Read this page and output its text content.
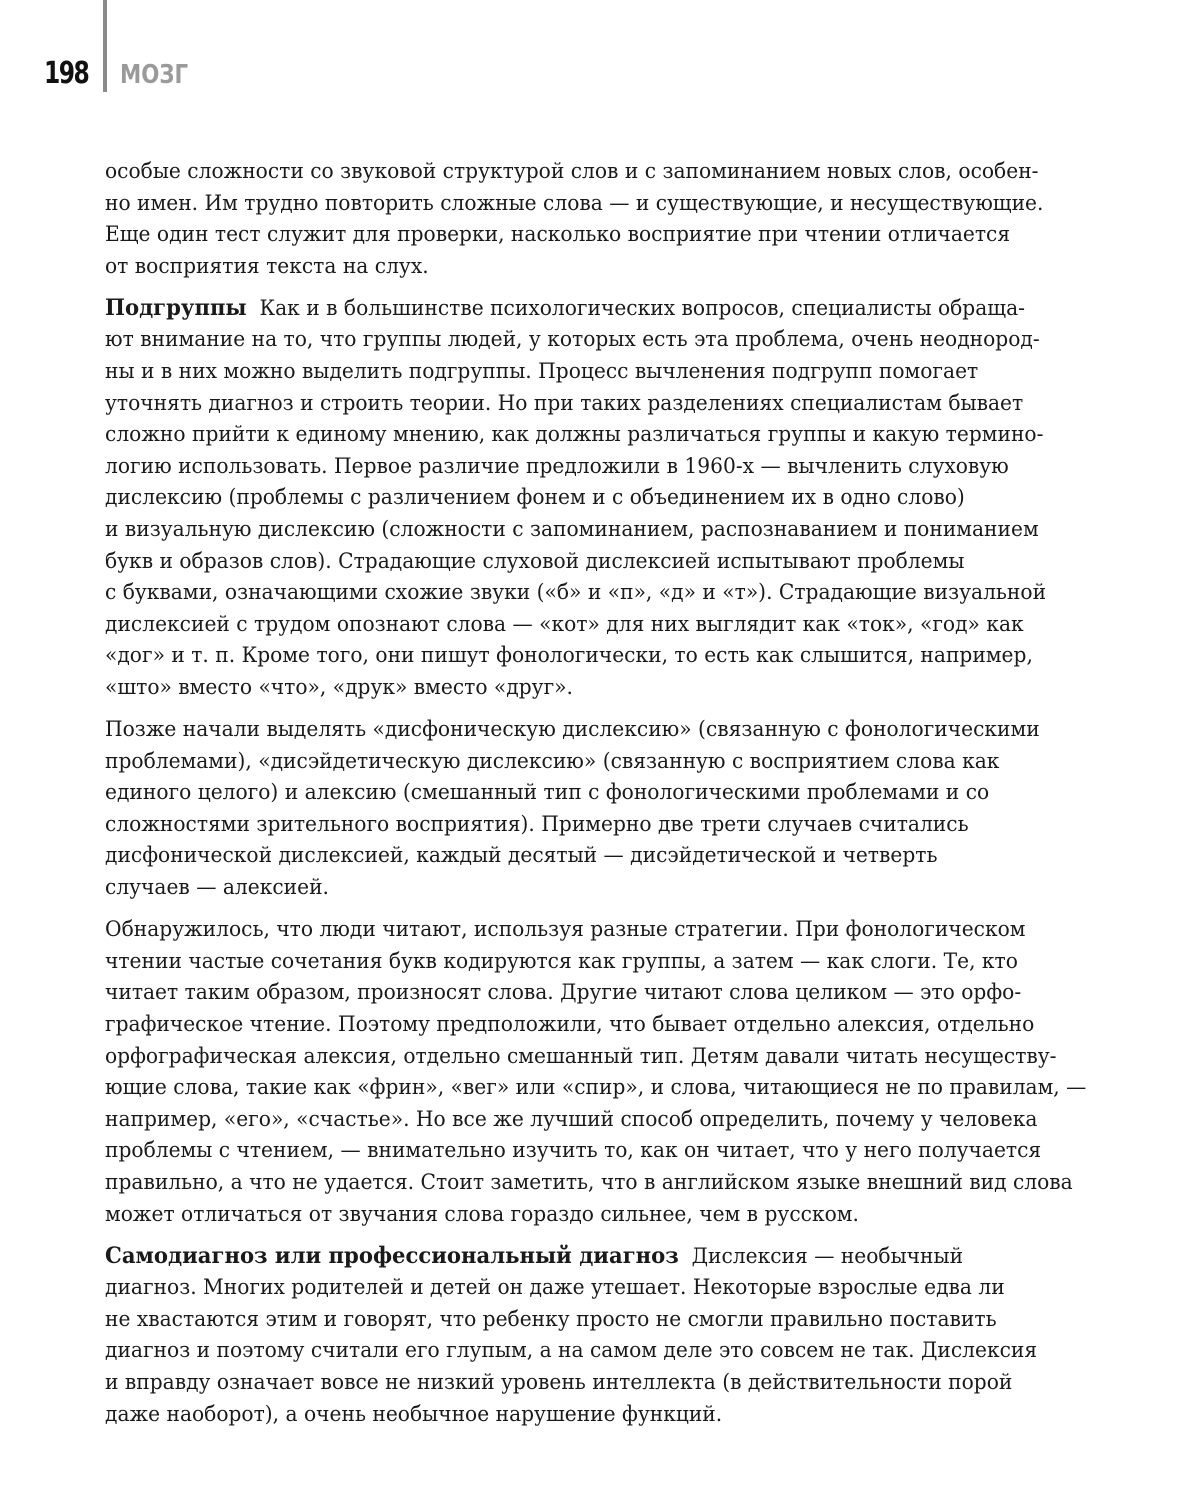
198 МОЗГ
особые сложности со звуковой структурой слов и с запоминанием новых слов, особен-
но имен. Им трудно повторить сложные слова — и существующие, и несуществующие.
Еще один тест служит для проверки, насколько восприятие при чтении отличается
от восприятия текста на слух.
Подгруппы Как и в большинстве психологических вопросов, специалисты обраща-
ют внимание на то, что группы людей, у которых есть эта проблема, очень неоднород-
ны и в них можно выделить подгруппы. Процесс вычленения подгрупп помогает
уточнять диагноз и строить теории. Но при таких разделениях специалистам бывает
сложно прийти к единому мнению, как должны различаться группы и какую термино-
логию использовать. Первое различие предложили в 1960-х — вычленить слуховую
дислексию (проблемы с различением фонем и с объединением их в одно слово)
и визуальную дислексию (сложности с запоминанием, распознаванием и пониманием
букв и образов слов). Страдающие слуховой дислексией испытывают проблемы
с буквами, означающими схожие звуки («б» и «п», «д» и «т»). Страдающие визуальной
дислексией с трудом опознают слова — «кот» для них выглядит как «ток», «год» как
«дог» и т. п. Кроме того, они пишут фонологически, то есть как слышится, например,
«што» вместо «что», «друк» вместо «друг».
Позже начали выделять «дисфоническую дислексию» (связанную с фонологическими
проблемами), «дисэйдетическую дислексию» (связанную с восприятием слова как
единого целого) и алексию (смешанный тип с фонологическими проблемами и со
сложностями зрительного восприятия). Примерно две трети случаев считались
дисфонической дислексией, каждый десятый — дисэйдетической и четверть
случаев — алексией.
Обнаружилось, что люди читают, используя разные стратегии. При фонологическом
чтении частые сочетания букв кодируются как группы, а затем — как слоги. Те, кто
читает таким образом, произносят слова. Другие читают слова целиком — это орфо-
графическое чтение. Поэтому предположили, что бывает отдельно алексия, отдельно
орфографическая алексия, отдельно смешанный тип. Детям давали читать несуществу-
ющие слова, такие как «фрин», «вег» или «спир», и слова, читающиеся не по правилам, —
например, «его», «счастье». Но все же лучший способ определить, почему у человека
проблемы с чтением, — внимательно изучить то, как он читает, что у него получается
правильно, а что не удается. Стоит заметить, что в английском языке внешний вид слова
может отличаться от звучания слова гораздо сильнее, чем в русском.
Самодиагноз или профессиональный диагноз Дислексия — необычный
диагноз. Многих родителей и детей он даже утешает. Некоторые взрослые едва ли
не хвастаются этим и говорят, что ребенку просто не смогли правильно поставить
диагноз и поэтому считали его глупым, а на самом деле это совсем не так. Дислексия
и вправду означает вовсе не низкий уровень интеллекта (в действительности порой
даже наоборот), а очень необычное нарушение функций.
